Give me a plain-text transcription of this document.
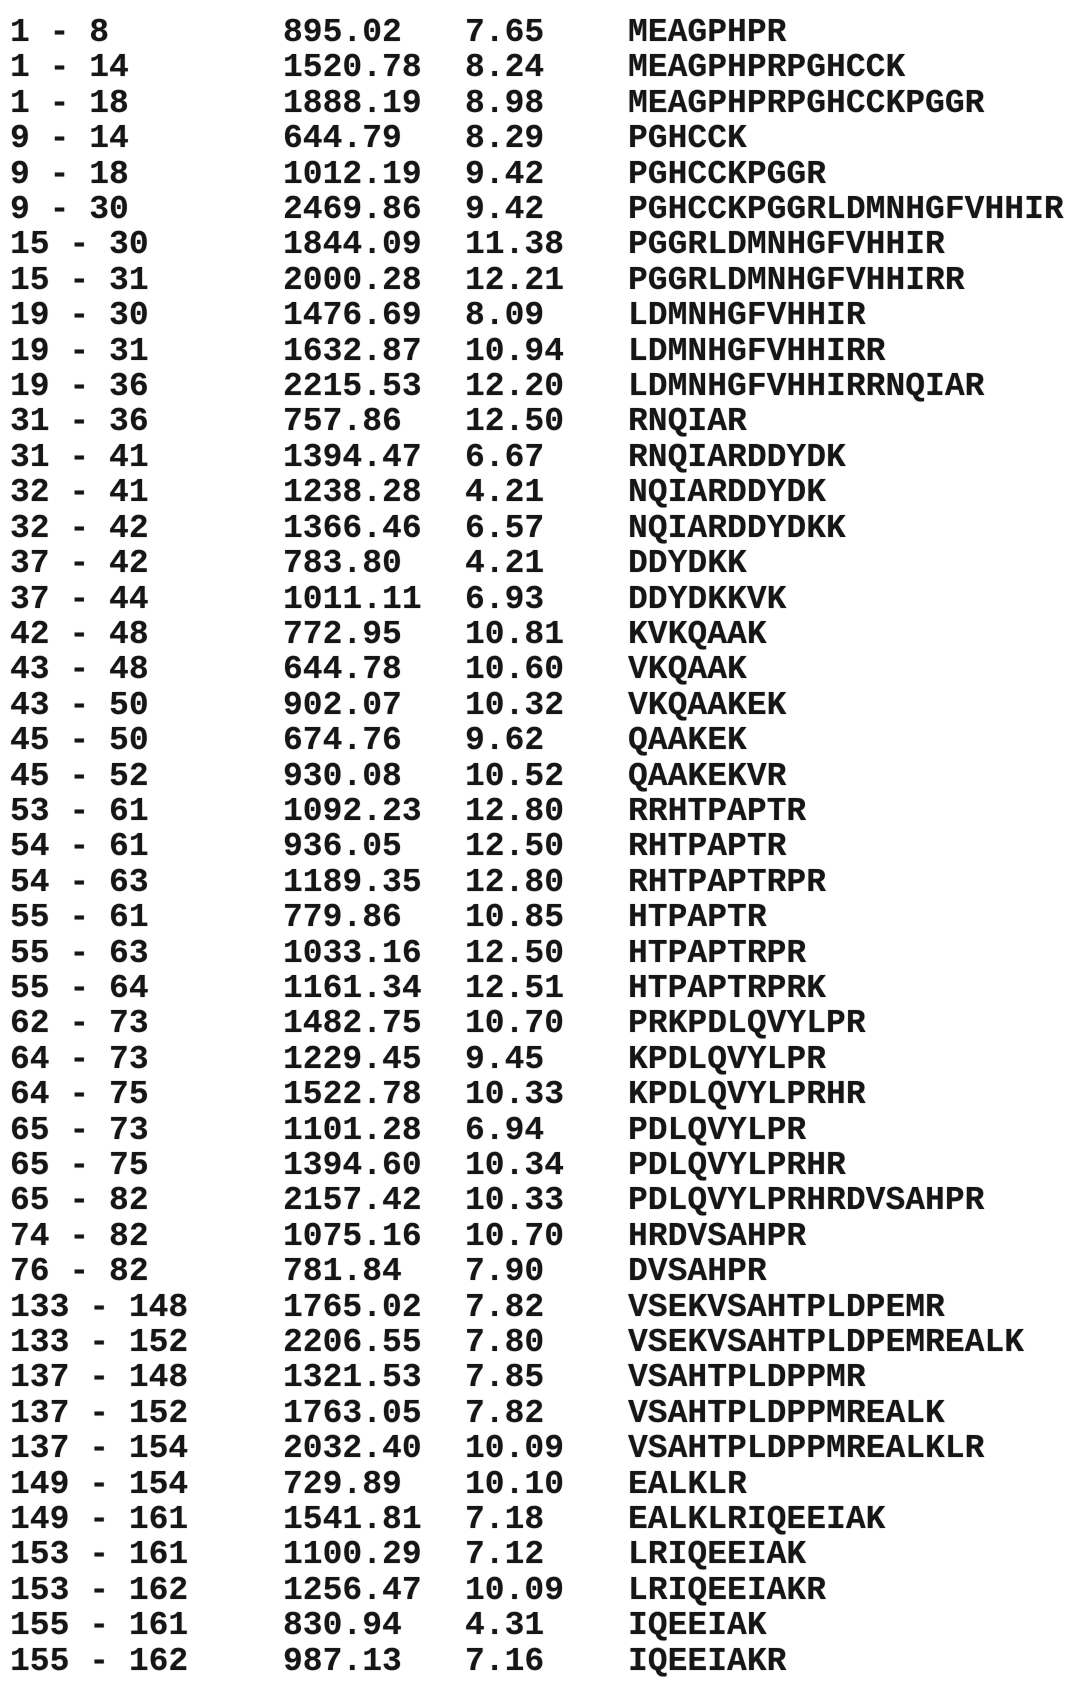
1 - 8	895.02	7.65	MEAGPHPR
1 - 14	1520.78	8.24	MEAGPHPRPGHCCK
1 - 18	1888.19	8.98	MEAGPHPRPGHCCKPGGR
9 - 14	644.79	8.29	PGHCCK
9 - 18	1012.19	9.42	PGHCCKPGGR
9 - 30	2469.86	9.42	PGHCCKPGGRLDMNHGFVHHIR
15 - 30	1844.09	11.38	PGGRLDMNHGFVHHIR
15 - 31	2000.28	12.21	PGGRLDMNHGFVHHIRR
19 - 30	1476.69	8.09	LDMNHGFVHHIR
19 - 31	1632.87	10.94	LDMNHGFVHHIRR
19 - 36	2215.53	12.20	LDMNHGFVHHIRRNQIAR
31 - 36	757.86	12.50	RNQIAR
31 - 41	1394.47	6.67	RNQIARDDYDK
32 - 41	1238.28	4.21	NQIARDDYDK
32 - 42	1366.46	6.57	NQIARDDYDKK
37 - 42	783.80	4.21	DDYDKK
37 - 44	1011.11	6.93	DDYDKKVK
42 - 48	772.95	10.81	KVKQAAK
43 - 48	644.78	10.60	VKQAAK
43 - 50	902.07	10.32	VKQAAKEK
45 - 50	674.76	9.62	QAAKEK
45 - 52	930.08	10.52	QAAKEKVR
53 - 61	1092.23	12.80	RRHTPAPTR
54 - 61	936.05	12.50	RHTPAPTR
54 - 63	1189.35	12.80	RHTPAPTRPR
55 - 61	779.86	10.85	HTPAPTR
55 - 63	1033.16	12.50	HTPAPTRPR
55 - 64	1161.34	12.51	HTPAPTRPRK
62 - 73	1482.75	10.70	PRKPDLQVYLPR
64 - 73	1229.45	9.45	KPDLQVYLPR
64 - 75	1522.78	10.33	KPDLQVYLPRHR
65 - 73	1101.28	6.94	PDLQVYLPR
65 - 75	1394.60	10.34	PDLQVYLPRHR
65 - 82	2157.42	10.33	PDLQVYLPRHRDVSAHPR
74 - 82	1075.16	10.70	HRDVSAHPR
76 - 82	781.84	7.90	DVSAHPR
133 - 148	1765.02	7.82	VSEKVSAHTPLDPEMR
133 - 152	2206.55	7.80	VSEKVSAHTPLDPEMREALK
137 - 148	1321.53	7.85	VSAHTPLDPPMR
137 - 152	1763.05	7.82	VSAHTPLDPPMREALK
137 - 154	2032.40	10.09	VSAHTPLDPPMREALKLR
149 - 154	729.89	10.10	EALKLR
149 - 161	1541.81	7.18	EALKLRIQEEIAK
153 - 161	1100.29	7.12	LRIQEEIAK
153 - 162	1256.47	10.09	LRIQEEIAKR
155 - 161	830.94	4.31	IQEEIAK
155 - 162	987.13	7.16	IQEEIAKR
